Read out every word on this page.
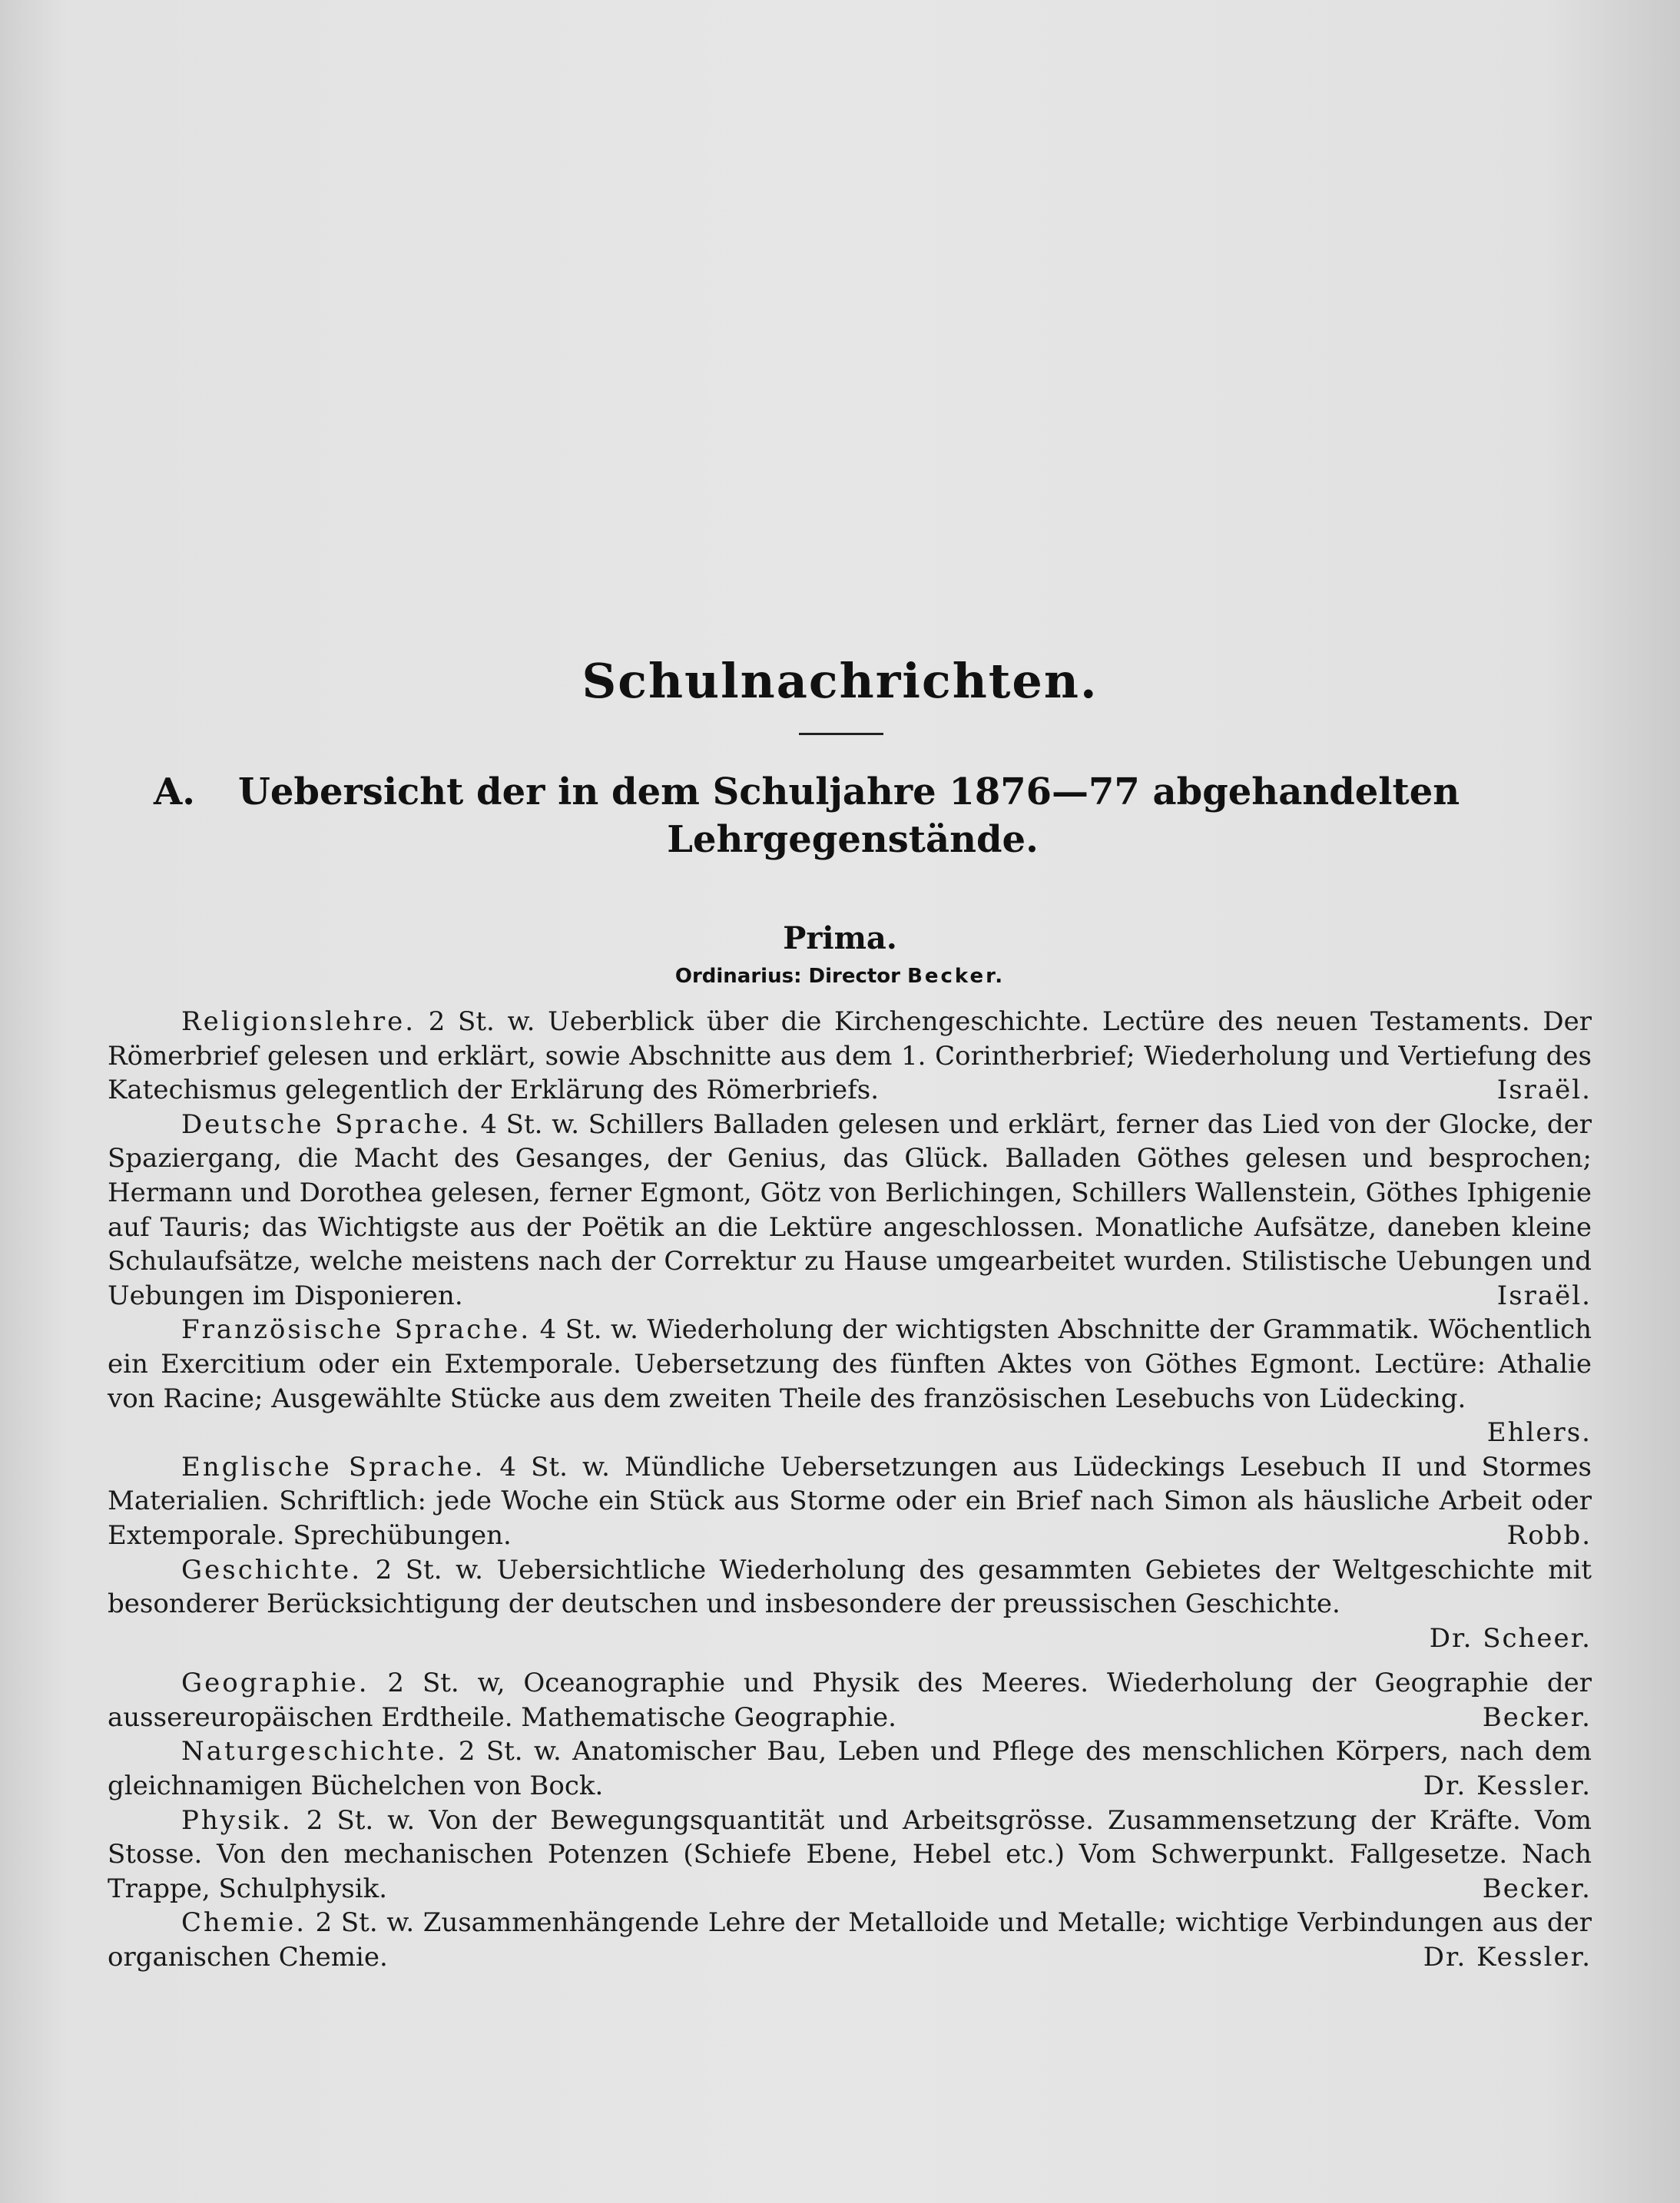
Schulnachrichten.
A. Uebersicht der in dem Schuljahre 1876—77 abgehandelten
Lehrgegenstände.
Prima.
Ordinarius: Director Becker.

Religionslehre. 2 St. w. Ueberblick über die Kirchengeschichte. Lectüre des neuen Testaments. Der Römerbrief gelesen und erklärt, sowie Abschnitte aus dem 1. Corintherbrief; Wiederholung und Vertiefung des Katechismus gelegentlich der Erklärung des Römerbriefs.	Israël.

Deutsche Sprache. 4 St. w. Schillers Balladen gelesen und erklärt, ferner das Lied von der Glocke, der Spaziergang, die Macht des Gesanges, der Genius, das Glück. Balladen Göthes gelesen und besprochen; Hermann und Dorothea gelesen, ferner Egmont, Götz von Berlichingen, Schillers Wallenstein, Göthes Iphigenie auf Tauris; das Wichtigste aus der Poëtik an die Lektüre angeschlossen. Monatliche Aufsätze, daneben kleine Schulaufsätze, welche meistens nach der Correktur zu Hause umgearbeitet wurden. Stilistische Uebungen und Uebungen im Disponieren.	Israël.

Französische Sprache. 4 St. w. Wiederholung der wichtigsten Abschnitte der Grammatik. Wöchentlich ein Exercitium oder ein Extemporale. Uebersetzung des fünften Aktes von Göthes Egmont. Lectüre: Athalie von Racine; Ausgewählte Stücke aus dem zweiten Theile des französischen Lesebuchs von Lüdecking.
Ehlers.

Englische Sprache. 4 St. w. Mündliche Uebersetzungen aus Lüdeckings Lesebuch II und Stormes Materialien. Schriftlich: jede Woche ein Stück aus Storme oder ein Brief nach Simon als häusliche Arbeit oder Extemporale. Sprechübungen.	Robb.

Geschichte. 2 St. w. Uebersichtliche Wiederholung des gesammten Gebietes der Weltgeschichte mit besonderer Berücksichtigung der deutschen und insbesondere der preussischen Geschichte.
Dr. Scheer.

Geographie. 2 St. w, Oceanographie und Physik des Meeres. Wiederholung der Geographie der aussereuropäischen Erdtheile. Mathematische Geographie.	Becker.

Naturgeschichte. 2 St. w. Anatomischer Bau, Leben und Pflege des menschlichen Körpers, nach dem gleichnamigen Büchelchen von Bock.	Dr. Kessler.

Physik. 2 St. w. Von der Bewegungsquantität und Arbeitsgrösse. Zusammensetzung der Kräfte. Vom Stosse. Von den mechanischen Potenzen (Schiefe Ebene, Hebel etc.) Vom Schwerpunkt. Fallgesetze. Nach Trappe, Schulphysik.	Becker.

Chemie. 2 St. w. Zusammenhängende Lehre der Metalloide und Metalle; wichtige Verbindungen aus der organischen Chemie.	Dr. Kessler.
